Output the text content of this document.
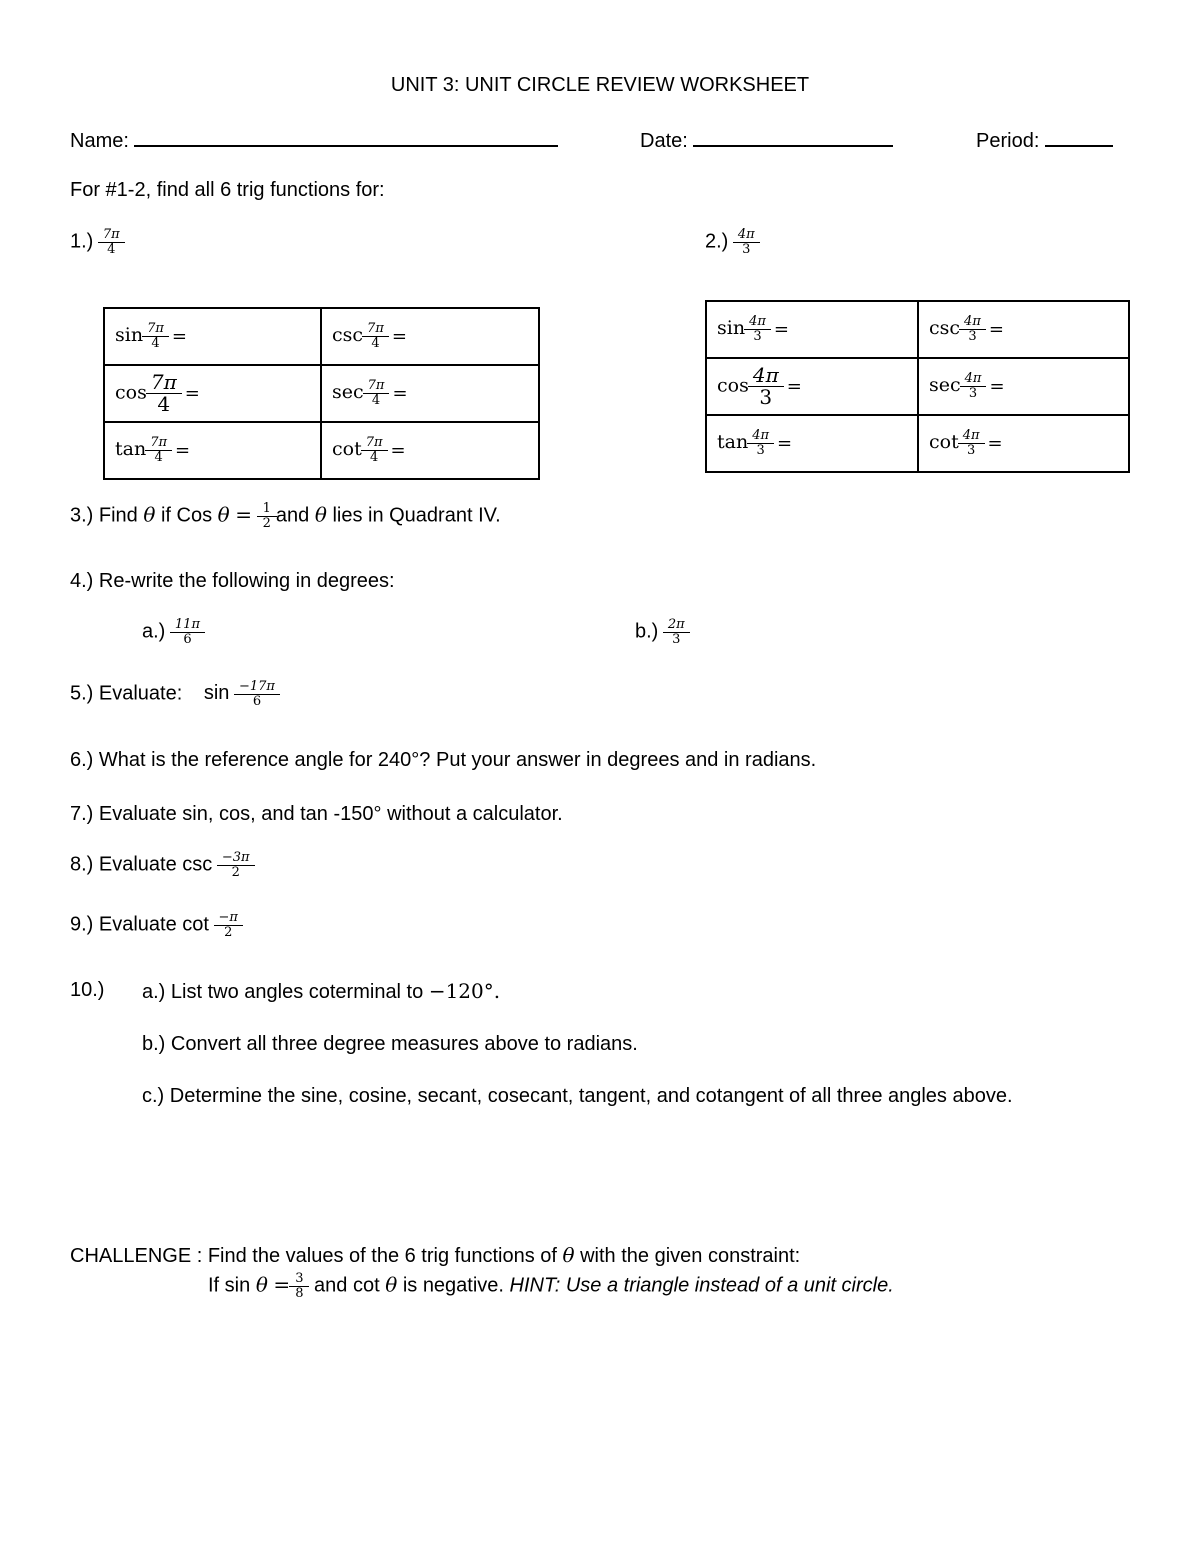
UNIT 3: UNIT CIRCLE REVIEW WORKSHEET
Name:	Date:	Period:
For #1-2, find all 6 trig functions for:
$1.) \frac{7\pi}{4}$	$2.) \frac{4\pi}{3}$
$\sin \frac{7\pi}{4}$ =	$\csc \frac{7\pi}{4}$ =
$\cos \frac{7\pi}{4}$ =	$\sec \frac{7\pi}{4}$ =
$\tan \frac{7\pi}{4}$ =	$\cot \frac{7\pi}{4}$ =
$\sin \frac{4\pi}{3}$ =	$\csc \frac{4\pi}{3}$ =
$\cos \frac{4\pi}{3}$ =	$\sec \frac{4\pi}{3}$ =
$\tan \frac{4\pi}{3}$ =	$\cot \frac{4\pi}{3}$ =
3.) Find θ if Cos $\theta = \frac{1}{2}$ and θ lies in Quadrant IV.
4.) Re-write the following in degrees:
$a.) \frac{11\pi}{6}$	$b.) \frac{2\pi}{3}$
5.) Evaluate: $\sin \frac{-17\pi}{6}$
6.) What is the reference angle for 240°? Put your answer in degrees and in radians.
7.) Evaluate sin, cos, and tan -150° without a calculator.
8.) Evaluate $\csc \frac{-3\pi}{2}$
9.) Evaluate $\cot \frac{-\pi}{2}$
10.) a.) List two angles coterminal to −120°.
b.) Convert all three degree measures above to radians.
c.) Determine the sine, cosine, secant, cosecant, tangent, and cotangent of all three angles above.
CHALLENGE : Find the values of the 6 trig functions of θ with the given constraint:
If $\sin \theta = \frac{3}{8}$ and cot θ is negative. HINT: Use a triangle instead of a unit circle.
